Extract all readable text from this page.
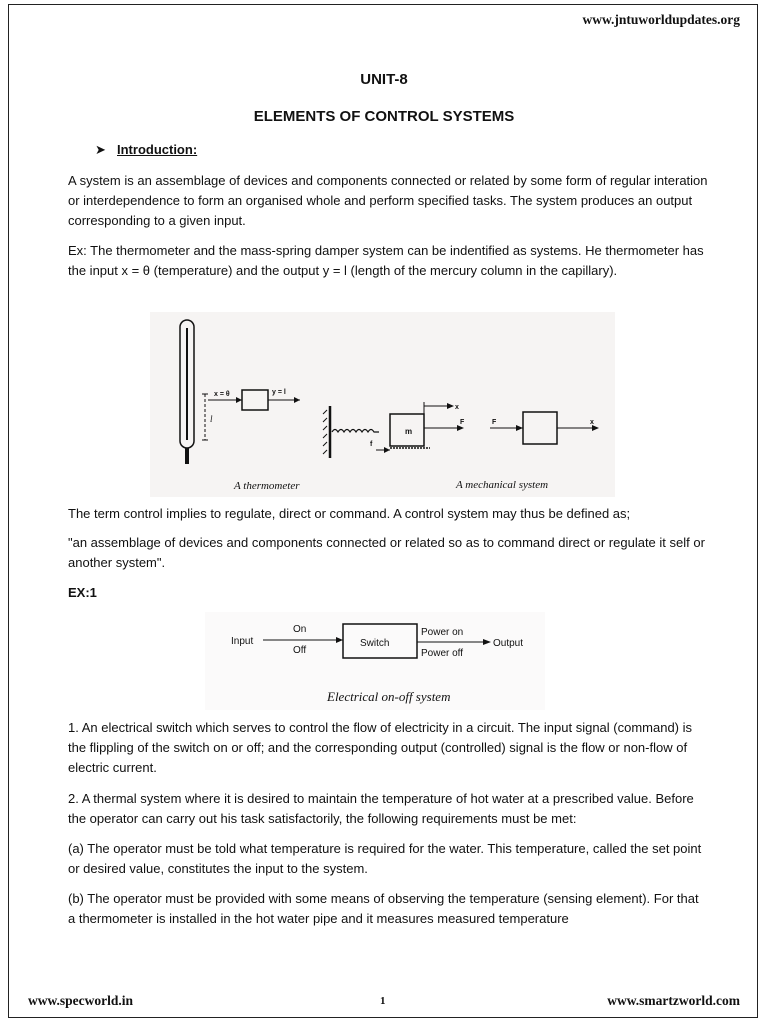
www.jntuworldupdates.org
UNIT-8
ELEMENTS OF CONTROL SYSTEMS
➤ Introduction:
A system is an assemblage of devices and components connected or related by some form of regular interation or interdependence to form an organised whole and perform specified tasks. The system produces an output corresponding to a given input.
Ex: The thermometer and the mass-spring damper system can be indentified as systems. He thermometer has the input x = θ (temperature) and the output y = l (length of the mercury column in the capillary).
x = θ	y = l
l
m
x
F
f
F	x
A thermometer	A mechanical system
The term control implies to regulate, direct or command. A control system may thus be defined as;
"an assemblage of devices and components connected or related so as to command direct or regulate it self or another system".
EX:1
Input
On
Off
Switch
Power on
Power off
Output
Electrical on-off system
1. An electrical switch which serves to control the flow of electricity in a circuit. The input signal (command) is the flippling of the switch on or off; and the corresponding output (controlled) signal is the flow or non-flow of electric current.
2. A thermal system where it is desired to maintain the temperature of hot water at a prescribed value. Before the operator can carry out his task satisfactorily, the following requirements must be met:
(a) The operator must be told what temperature is required for the water. This temperature, called the set point or desired value, constitutes the input to the system.
(b) The operator must be provided with some means of observing the temperature (sensing element). For that a thermometer is installed in the hot water pipe and it measures measured temperature
www.specworld.in	1	www.smartzworld.com
